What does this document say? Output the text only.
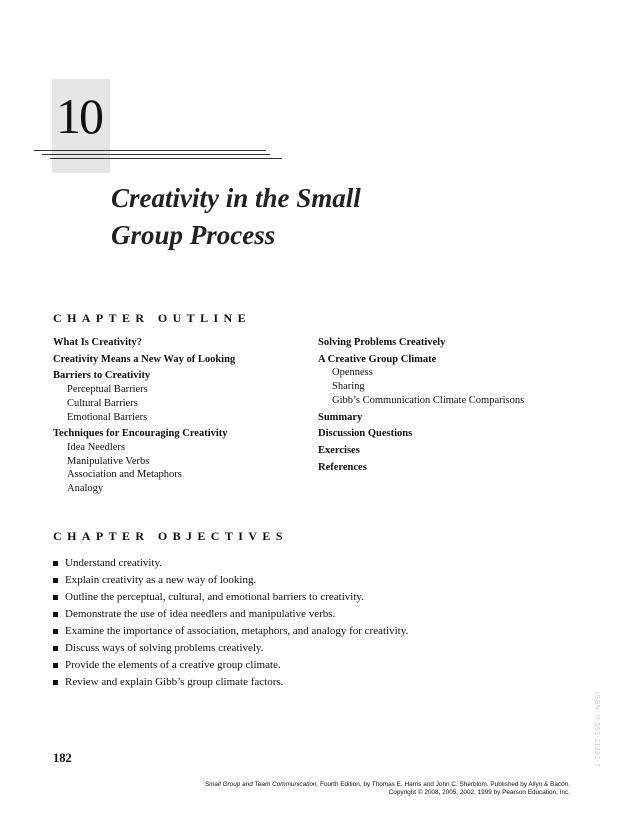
10
Creativity in the Small
Group Process
CHAPTER OUTLINE
What Is Creativity?
Creativity Means a New Way of Looking
Barriers to Creativity
Perceptual Barriers
Cultural Barriers
Emotional Barriers
Techniques for Encouraging Creativity
Idea Needlers
Manipulative Verbs
Association and Metaphors
Analogy
Solving Problems Creatively
A Creative Group Climate
Openness
Sharing
Gibb’s Communication Climate Comparisons
Summary
Discussion Questions
Exercises
References
CHAPTER OBJECTIVES
Understand creativity.
Explain creativity as a new way of looking.
Outline the perceptual, cultural, and emotional barriers to creativity.
Demonstrate the use of idea needlers and manipulative verbs.
Examine the importance of association, metaphors, and analogy for creativity.
Discuss ways of solving problems creatively.
Provide the elements of a creative group climate.
Review and explain Gibb’s group climate factors.
ISBN: 0-555-11282-7
182
Small Group and Team Communication, Fourth Edition, by Thomas E. Harris and John C. Sherblom. Published by Allyn & Bacon.
Copyright © 2008, 2005, 2002, 1999 by Pearson Education, Inc.
